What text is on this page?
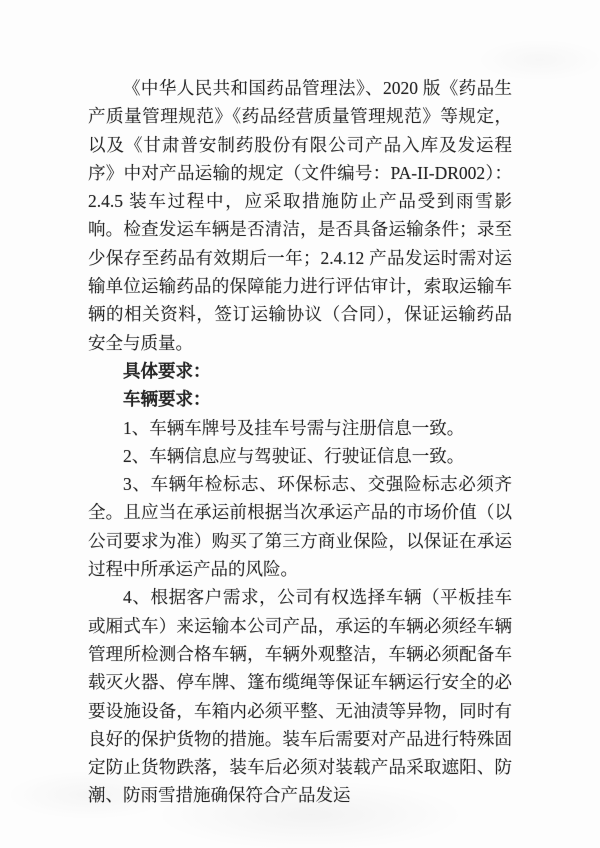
《中华人民共和国药品管理法》、2020 版《药品生产质量管理规范》《药品经营质量管理规范》等规定，以及《甘肃普安制药股份有限公司产品入库及发运程序》中对产品运输的规定（文件编号：PA-II-DR002）：2.4.5 装车过程中，应采取措施防止产品受到雨雪影响。检查发运车辆是否清洁，是否具备运输条件；录至少保存至药品有效期后一年；2.4.12 产品发运时需对运输单位运输药品的保障能力进行评估审计，索取运输车辆的相关资料，签订运输协议（合同），保证运输药品安全与质量。

具体要求：

车辆要求：

1、车辆车牌号及挂车号需与注册信息一致。

2、车辆信息应与驾驶证、行驶证信息一致。

3、车辆年检标志、环保标志、交强险标志必须齐全。且应当在承运前根据当次承运产品的市场价值（以公司要求为准）购买了第三方商业保险，以保证在承运过程中所承运产品的风险。

4、根据客户需求，公司有权选择车辆（平板挂车或厢式车）来运输本公司产品，承运的车辆必须经车辆管理所检测合格车辆，车辆外观整洁，车辆必须配备车载灭火器、停车牌、篷布缆绳等保证车辆运行安全的必要设施设备，车箱内必须平整、无油渍等异物，同时有良好的保护货物的措施。装车后需要对产品进行特殊固定防止货物跌落，装车后必须对装载产品采取遮阳、防潮、防雨雪措施确保符合产品发运
